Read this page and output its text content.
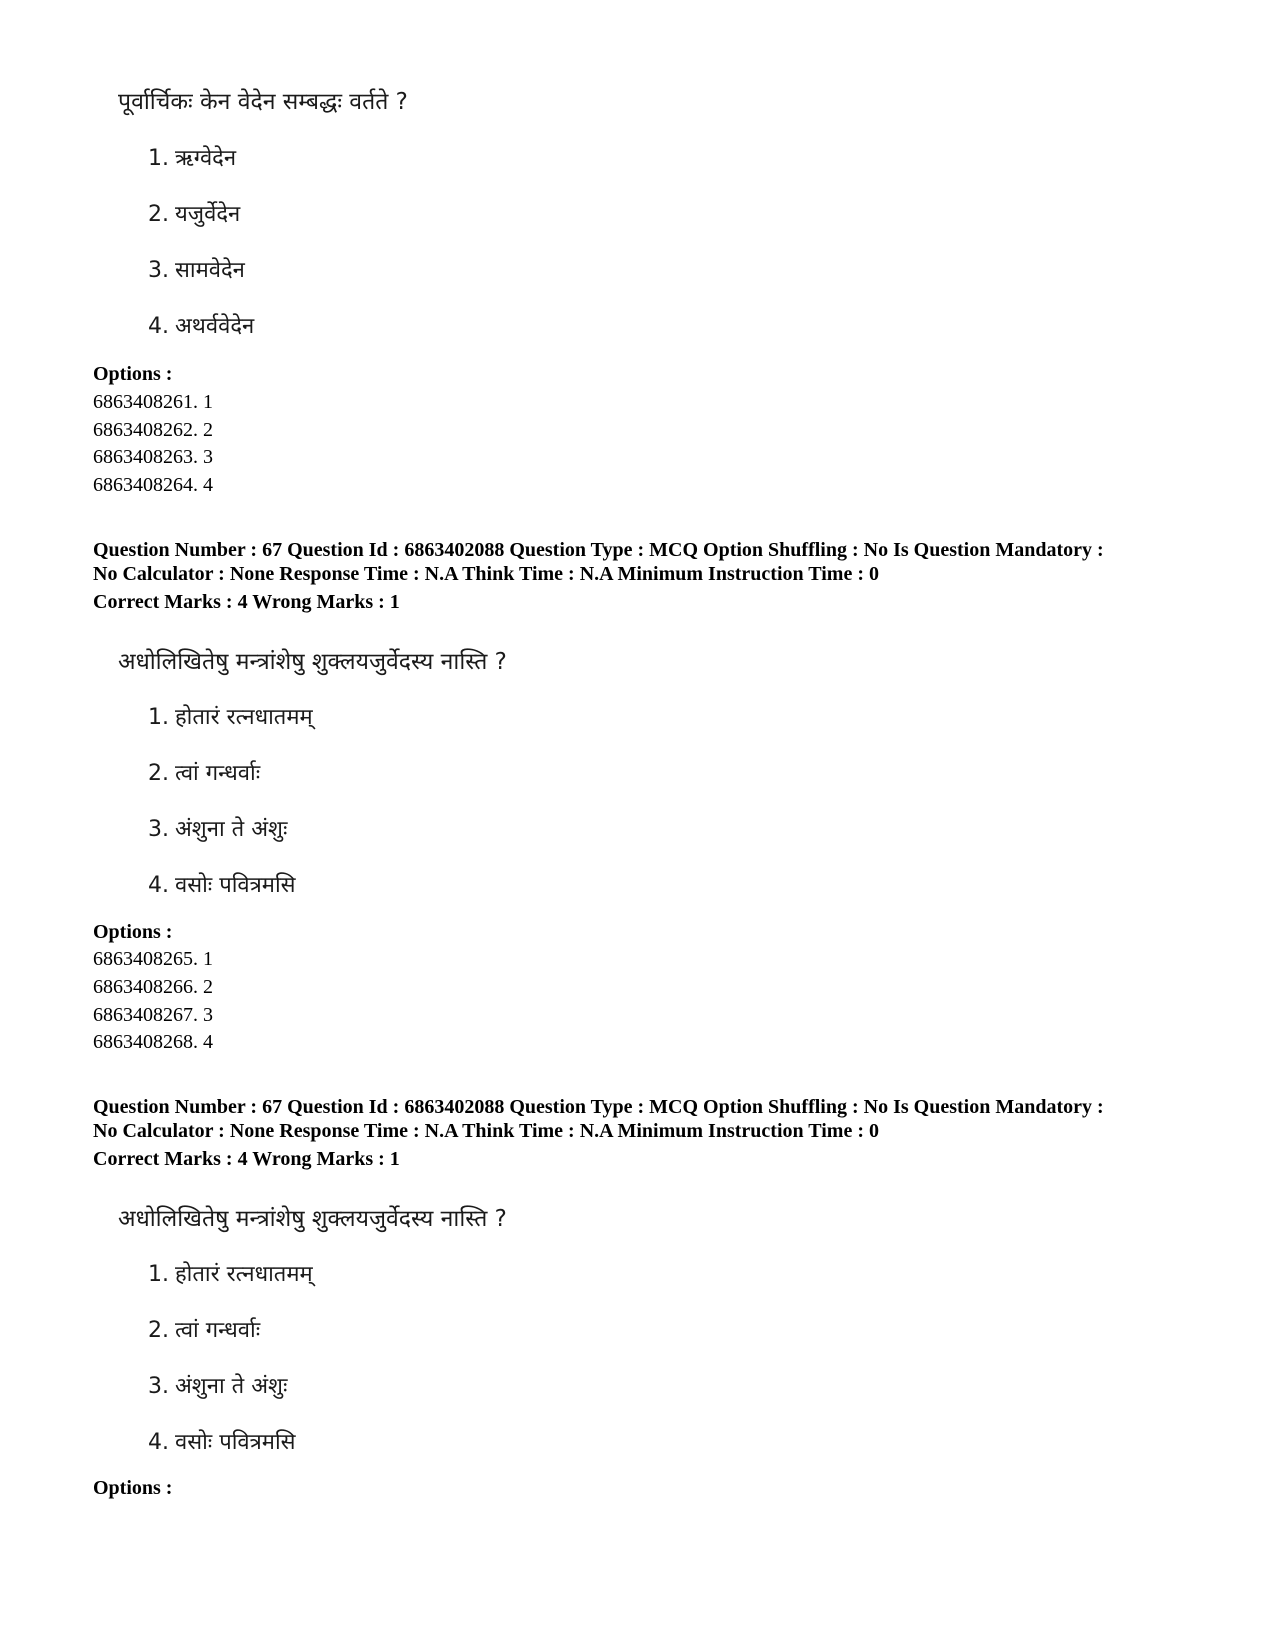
पूर्वार्चिकः केन वेदेन सम्बद्धः वर्तते ?
1. ऋग्वेदेन
2. यजुर्वेदेन
3. सामवेदेन
4. अथर्ववेदेन
Options :
6863408261. 1
6863408262. 2
6863408263. 3
6863408264. 4
Question Number : 67 Question Id : 6863402088 Question Type : MCQ Option Shuffling : No Is Question Mandatory :
No Calculator : None Response Time : N.A Think Time : N.A Minimum Instruction Time : 0
Correct Marks : 4 Wrong Marks : 1
अधोलिखितेषु मन्त्रांशेषु शुक्लयजुर्वेदस्य नास्ति ?
1. होतारं रत्नधातमम्
2. त्वां गन्धर्वाः
3. अंशुना ते अंशुः
4. वसोः पवित्रमसि
Options :
6863408265. 1
6863408266. 2
6863408267. 3
6863408268. 4
Question Number : 67 Question Id : 6863402088 Question Type : MCQ Option Shuffling : No Is Question Mandatory :
No Calculator : None Response Time : N.A Think Time : N.A Minimum Instruction Time : 0
Correct Marks : 4 Wrong Marks : 1
अधोलिखितेषु मन्त्रांशेषु शुक्लयजुर्वेदस्य नास्ति ?
1. होतारं रत्नधातमम्
2. त्वां गन्धर्वाः
3. अंशुना ते अंशुः
4. वसोः पवित्रमसि
Options :
